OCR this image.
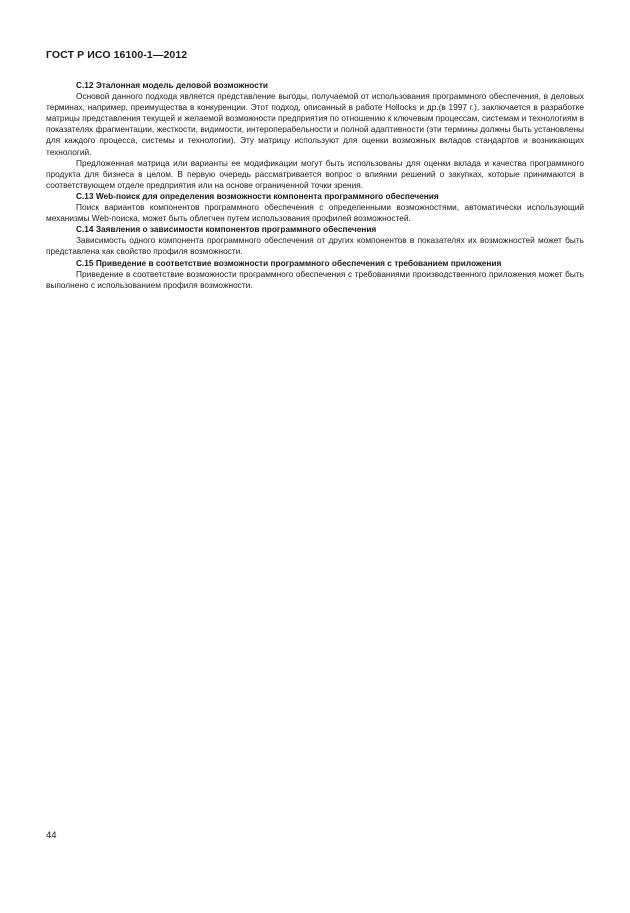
ГОСТ Р ИСО 16100-1—2012
С.12 Эталонная модель деловой возможности

Основой данного подхода является представление выгоды, получаемой от использования программного обеспечения, в деловых терминах, например, преимущества в конкуренции. Этот подход, описанный в работе Hollocks и др.(в 1997 г.), заключается в разработке матрицы представления текущей и желаемой возможности предприятия по отношению к ключевым процессам, системам и технологиям в показателях фрагментации, жесткости, видимости, интероперабельности и полной адаптивности (эти термины должны быть установлены для каждого процесса, системы и технологии). Эту матрицу используют для оценки возможных вкладов стандартов и возникающих технологий.

Предложенная матрица или варианты ее модификации могут быть использованы для оценки вклада и качества программного продукта для бизнеса в целом. В первую очередь рассматривается вопрос о влиянии решений о закупках, которые принимаются в соответствующем отделе предприятия или на основе ограниченной точки зрения.

С.13 Web-поиск для определения возможности компонента программного обеспечения

Поиск вариантов компонентов программного обеспечения с определенными возможностями, автоматически использующий механизмы Web-поиска, может быть облегчен путем использования профилей возможностей.

С.14 Заявления о зависимости компонентов программного обеспечения

Зависимость одного компонента программного обеспечения от других компонентов в показателях их возможностей может быть представлена как свойство профиля возможности.

С.15 Приведение в соответствие возможности программного обеспечения с требованием приложения

Приведение в соответствие возможности программного обеспечения с требованиями производственного приложения может быть выполнено с использованием профиля возможности.

44
